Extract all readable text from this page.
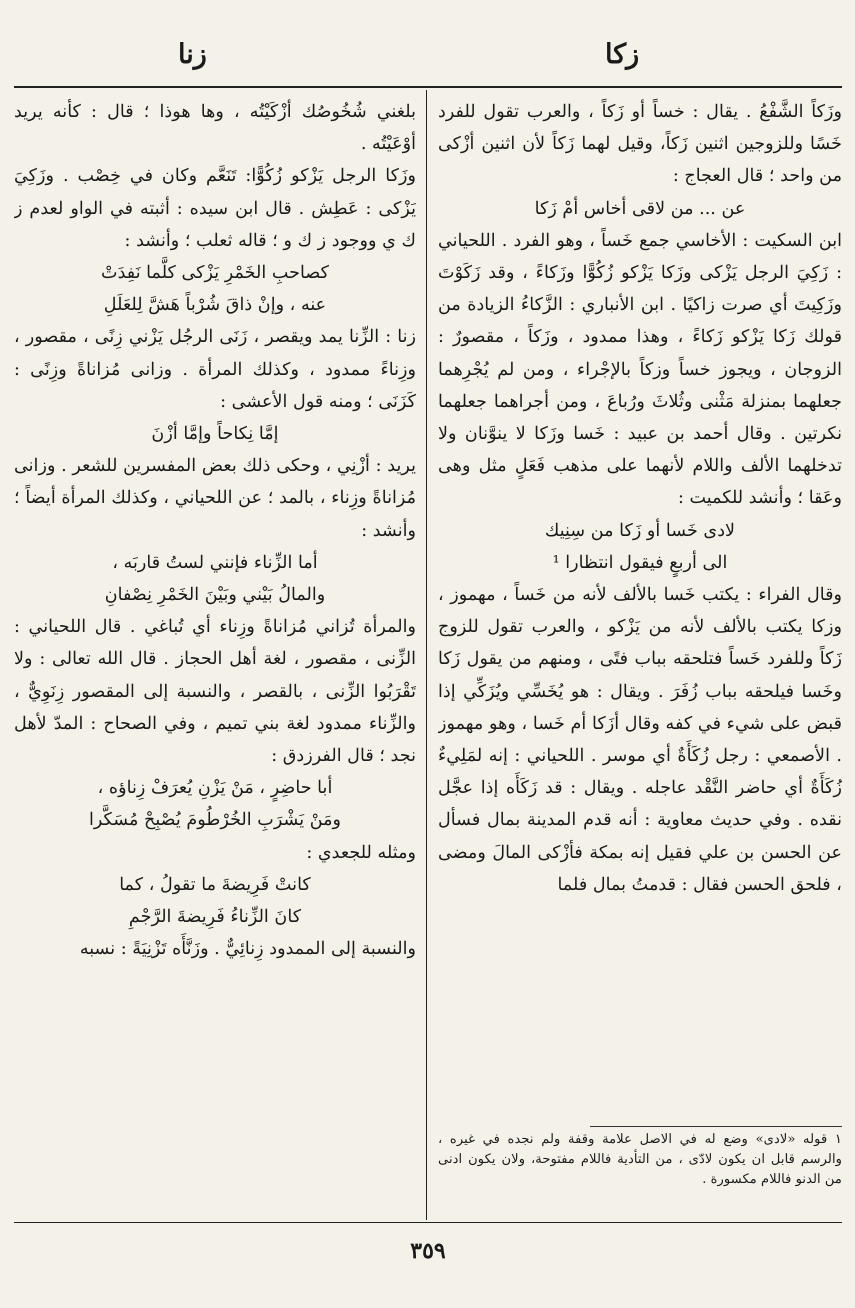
زنا	زكا

وزَكاً الشَّفْعُ . يقال : خساً أو زَكاً ، والعرب تقول للفرد خَسًا وللزوجين اثنين زَكاً، وقيل لهما زَكاً لأن اثنين أزْكى من واحد ؛ قال العجاج :

عن ... من لاقى أخاس أمْ زَكا

ابن السكيت : الأخاسي جمع خَساً ، وهو الفرد . اللحياني : زَكِيَ الرجل يَزْكى وزَكا يَزْكو زُكُوًّا وزَكاءً ، وقد زَكَوْتَ وزَكِيتَ أي صرت زاكيًا . ابن الأنباري : الزَّكاءُ الزيادة من قولك زَكا يَزْكو زَكاءً ، وهذا ممدود ، وزَكاً ، مقصورٌ : الزوجان ، ويجوز خساً وزكاً بالإجْراء ، ومن لم يُجْرِهما جعلهما بمنزلة مَثْنى وثُلاثَ ورُباعَ ، ومن أجراهما جعلهما نكرتين . وقال أحمد بن عبيد : خَسا وزَكا لا ينوَّنان ولا تدخلهما الألف واللام لأنهما على مذهب فَعَلٍ مثل وهى وعَقا ؛ وأنشد للكميت :

لادى خَسا أو زَكا من سِنِيك

الى أربعٍ فيقول انتظارا ¹

وقال الفراء : يكتب خَسا بالألف لأنه من خَساً ، مهموز ، وزكا يكتب بالألف لأنه من يَزْكو ، والعرب تقول للزوج زَكاً وللفرد خَساً فتلحقه بباب فتًى ، ومنهم من يقول زَكا وخَسا فيلحقه بباب زُفَرَ . ويقال : هو يُخَسِّي ويُزَكِّي إذا قبض على شيء في كفه وقال أزَكا أم خَسا ، وهو مهموز . الأصمعي : رجل زُكَأَةٌ أي موسر . اللحياني : إنه لمَلِيءٌ زُكَأَةٌ أي حاضر النَّقْد عاجله . ويقال : قد زَكَأَه إذا عجَّل نقده . وفي حديث معاوية : أنه قدم المدينة بمال فسأل عن الحسن بن علي فقيل إنه بمكة فأزْكى المالَ ومضى ، فلحق الحسن فقال : قدمتُ بمال فلما

١ قوله «لادى» وضع له في الاصل علامة وقفة ولم نجده في غيره ، والرسم قابل ان يكون لادّى ، من التأدية فاللام مفتوحة، ولان يكون ادنى من الدنو فاللام مكسورة .

بلغني شُخُوصُك أزْكَيْتُه ، وها هوذا ؛ قال : كأنه يريد أوْعَيْتُه .

وزَكا الرجل يَزْكو زُكُوًّا: تَنَعَّم وكان في خِصْب . وزَكِيَ يَزْكى : عَطِش . قال ابن سيده : أثبته في الواو لعدم ز ك ي ووجود ز ك و ؛ قاله ثعلب ؛ وأنشد :

كصاحبِ الخَمْرِ يَزْكى كلَّما نَفِدَتْ

عنه ، وإنْ ذاقَ شُرْباً هَشَّ لِلعَلَلِ

زنا : الزِّنا يمد ويقصر ، زَنَى الرجُل يَزْني زِنًى ، مقصور ، وزِناءً ممدود ، وكذلك المرأة . وزانى مُزاناةً وزِنًى : كَزَنَى ؛ ومنه قول الأعشى :

إمَّا نِكاحاً وإمَّا أزْنَ

يريد : أزْنِي ، وحكى ذلك بعض المفسرين للشعر . وزانى مُزاناةً وزِناء ، بالمد ؛ عن اللحياني ، وكذلك المرأة أيضاً ؛ وأنشد :

أما الزِّناء فإنني لستُ قاربَه ،

والمالُ بَيْني وبَيْنَ الخَمْرِ نِصْفانِ

والمرأة تُزاني مُزاناةً وزِناء أي تُباغي . قال اللحياني : الزِّنى ، مقصور ، لغة أهل الحجاز . قال الله تعالى : ولا تَقْرَبُوا الزِّنى ، بالقصر ، والنسبة إلى المقصور زِنَوِيٌّ ، والزِّناء ممدود لغة بني تميم ، وفي الصحاح : المدّ لأهل نجد ؛ قال الفرزدق :

أبا حاضِرٍ ، مَنْ يَزْنِ يُعرَفْ زِناؤه ،

ومَنْ يَشْرَبِ الخُرْطُومَ يُصْبِحْ مُسَكَّرا

ومثله للجعدي :

كانتْ فَرِيضةَ ما تقولُ ، كما

كانَ الزِّناءُ فَرِيضةَ الرَّجْمِ

والنسبة إلى الممدود زِنائِيٌّ . وزَنَّأَه تَزْنِيَةً : نسبه

٣٥٩
